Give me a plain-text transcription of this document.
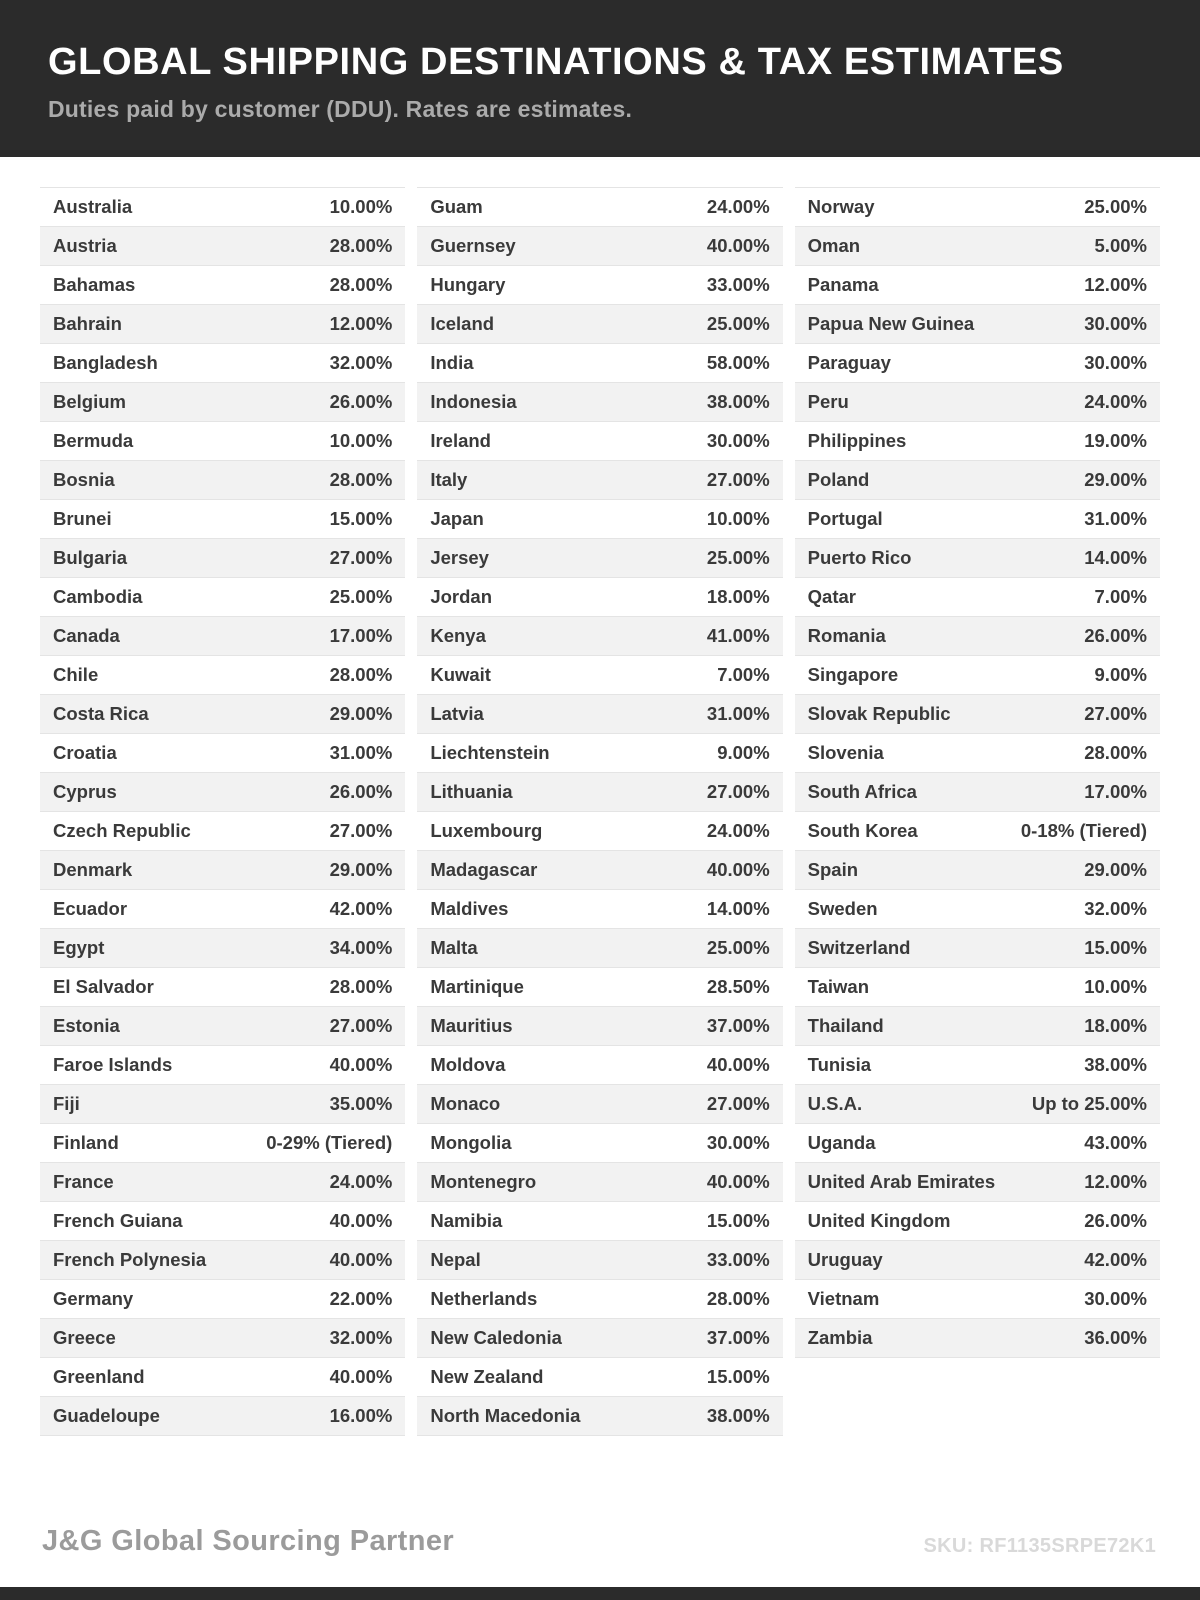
GLOBAL SHIPPING DESTINATIONS & TAX ESTIMATES
Duties paid by customer (DDU). Rates are estimates.
Australia	10.00%
Austria	28.00%
Bahamas	28.00%
Bahrain	12.00%
Bangladesh	32.00%
Belgium	26.00%
Bermuda	10.00%
Bosnia	28.00%
Brunei	15.00%
Bulgaria	27.00%
Cambodia	25.00%
Canada	17.00%
Chile	28.00%
Costa Rica	29.00%
Croatia	31.00%
Cyprus	26.00%
Czech Republic	27.00%
Denmark	29.00%
Ecuador	42.00%
Egypt	34.00%
El Salvador	28.00%
Estonia	27.00%
Faroe Islands	40.00%
Fiji	35.00%
Finland	0-29% (Tiered)
France	24.00%
French Guiana	40.00%
French Polynesia	40.00%
Germany	22.00%
Greece	32.00%
Greenland	40.00%
Guadeloupe	16.00%
Guam	24.00%
Guernsey	40.00%
Hungary	33.00%
Iceland	25.00%
India	58.00%
Indonesia	38.00%
Ireland	30.00%
Italy	27.00%
Japan	10.00%
Jersey	25.00%
Jordan	18.00%
Kenya	41.00%
Kuwait	7.00%
Latvia	31.00%
Liechtenstein	9.00%
Lithuania	27.00%
Luxembourg	24.00%
Madagascar	40.00%
Maldives	14.00%
Malta	25.00%
Martinique	28.50%
Mauritius	37.00%
Moldova	40.00%
Monaco	27.00%
Mongolia	30.00%
Montenegro	40.00%
Namibia	15.00%
Nepal	33.00%
Netherlands	28.00%
New Caledonia	37.00%
New Zealand	15.00%
North Macedonia	38.00%
Norway	25.00%
Oman	5.00%
Panama	12.00%
Papua New Guinea	30.00%
Paraguay	30.00%
Peru	24.00%
Philippines	19.00%
Poland	29.00%
Portugal	31.00%
Puerto Rico	14.00%
Qatar	7.00%
Romania	26.00%
Singapore	9.00%
Slovak Republic	27.00%
Slovenia	28.00%
South Africa	17.00%
South Korea	0-18% (Tiered)
Spain	29.00%
Sweden	32.00%
Switzerland	15.00%
Taiwan	10.00%
Thailand	18.00%
Tunisia	38.00%
U.S.A.	Up to 25.00%
Uganda	43.00%
United Arab Emirates	12.00%
United Kingdom	26.00%
Uruguay	42.00%
Vietnam	30.00%
Zambia	36.00%
J&G Global Sourcing Partner	SKU: RF1135SRPE72K1
